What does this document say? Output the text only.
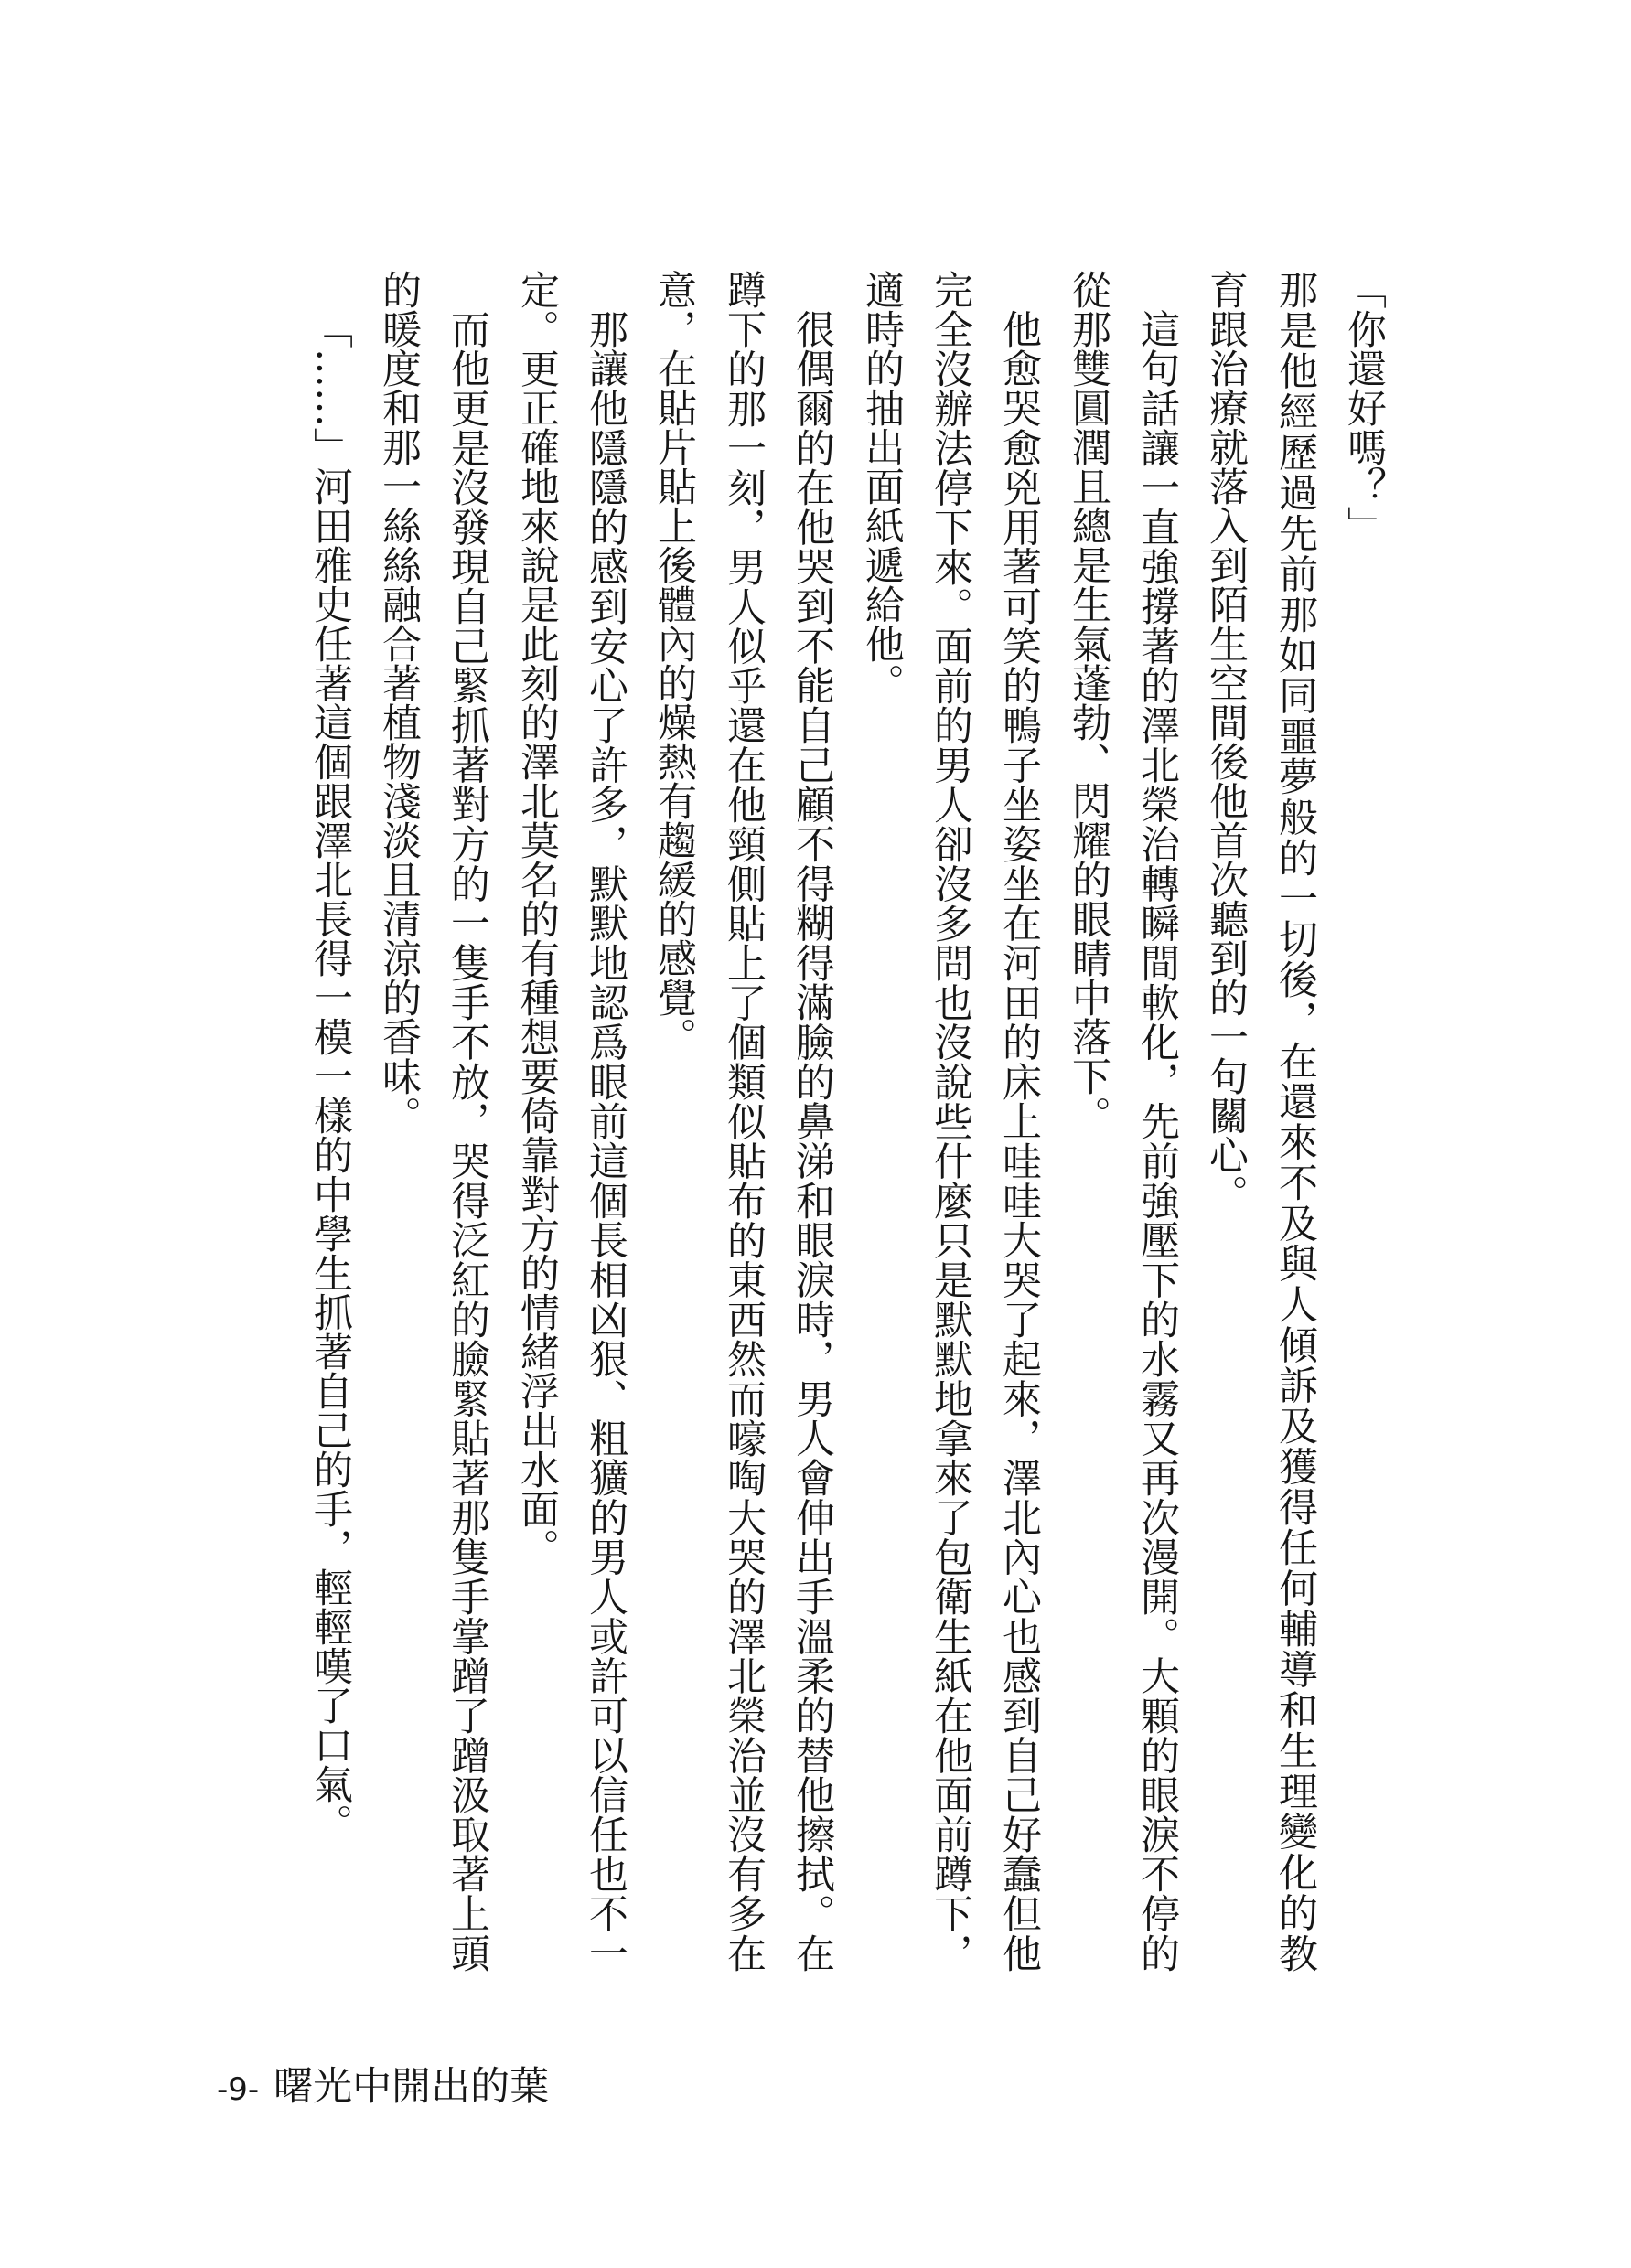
「你還好嗎？」
那是他經歷過先前那如同噩夢般的一切後，在還來不及與人傾訴及獲得任何輔導和生理變化的教
育跟治療就落入到陌生空間後他首次聽到的一句關心。
這句話讓一直強撐著的澤北榮治轉瞬間軟化，先前強壓下的水霧又再次漫開。大顆的眼淚不停的
從那雙圓潤且總是生氣蓬勃、閃耀的眼睛中落下。
他愈哭愈兇用著可笑的鴨子坐姿坐在河田的床上哇哇大哭了起來，澤北內心也感到自己好蠢但他
完全沒辦法停下來。面前的男人卻沒多問也沒說些什麼只是默默地拿來了包衛生紙在他面前蹲下，
適時的抽出面紙遞給他。
很偶爾的在他哭到不能自己顧不得糊得滿臉的鼻涕和眼淚時，男人會伸出手溫柔的替他擦拭。在
蹲下的那一刻，男人似乎還在他頸側貼上了個類似貼布的東西然而嚎啕大哭的澤北榮治並沒有多在
意，在貼片貼上後體內的燥熱有趨緩的感覺。
那讓他隱隱的感到安心了許多，默默地認爲眼前這個長相凶狠、粗獷的男人或許可以信任也不一
定。更正確地來說是此刻的澤北莫名的有種想要倚靠對方的情緒浮出水面。
而他更是沒發現自己緊抓著對方的一隻手不放，哭得泛紅的臉緊貼著那隻手掌蹭了蹭汲取著上頭
的暖度和那一絲絲融合著植物淺淡且清涼的香味。
「……」河田雅史任著這個跟澤北長得一模一樣的中學生抓著自己的手，輕輕嘆了口氣。
-9- 曙光中開出的葉
